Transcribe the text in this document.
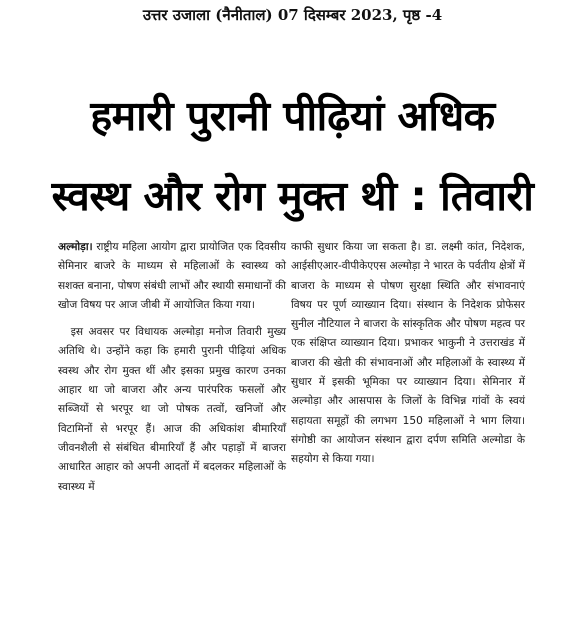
उत्तर उजाला (नैनीताल) 07 दिसम्बर 2023, पृष्ठ -4
हमारी पुरानी पीढ़ियां अधिक
स्वस्थ और रोग मुक्त थी : तिवारी

अल्मोड़ा। राष्ट्रीय महिला आयोग द्वारा प्रायोजित एक दिवसीय सेमिनार बाजरे के माध्यम से महिलाओं के स्वास्थ्य को सशक्त बनाना, पोषण संबंधी लाभों और स्थायी समाधानों की खोज विषय पर आज जीबी में आयोजित किया गया।

इस अवसर पर विधायक अल्मोड़ा मनोज तिवारी मुख्य अतिथि थे। उन्होंने कहा कि हमारी पुरानी पीढ़ियां अधिक स्वस्थ और रोग मुक्त थीं और इसका प्रमुख कारण उनका आहार था जो बाजरा और अन्य पारंपरिक फसलों और सब्जियों से भरपूर था जो पोषक तत्वों, खनिजों और विटामिनों से भरपूर हैं। आज की अधिकांश बीमारियाँ जीवनशैली से संबंधित बीमारियाँ हैं और पहाड़ों में बाजरा आधारित आहार को अपनी आदतों में बदलकर महिलाओं के स्वास्थ्य में

काफी सुधार किया जा सकता है। डा. लक्ष्मी कांत, निदेशक, आईसीएआर-वीपीकेएएस अल्मोड़ा ने भारत के पर्वतीय क्षेत्रों में बाजरा के माध्यम से पोषण सुरक्षा स्थिति और संभावनाएं विषय पर पूर्ण व्याख्यान दिया। संस्थान के निदेशक प्रोफेसर सुनील नौटियाल ने बाजरा के सांस्कृतिक और पोषण महत्व पर एक संक्षिप्त व्याख्यान दिया। प्रभाकर भाकुनी ने उत्तराखंड में बाजरा की खेती की संभावनाओं और महिलाओं के स्वास्थ्य में सुधार में इसकी भूमिका पर व्याख्यान दिया। सेमिनार में अल्मोड़ा और आसपास के जिलों के विभिन्न गांवों के स्वयं सहायता समूहों की लगभग 150 महिलाओं ने भाग लिया। संगोष्ठी का आयोजन संस्थान द्वारा दर्पण समिति अल्मोडा के सहयोग से किया गया।
